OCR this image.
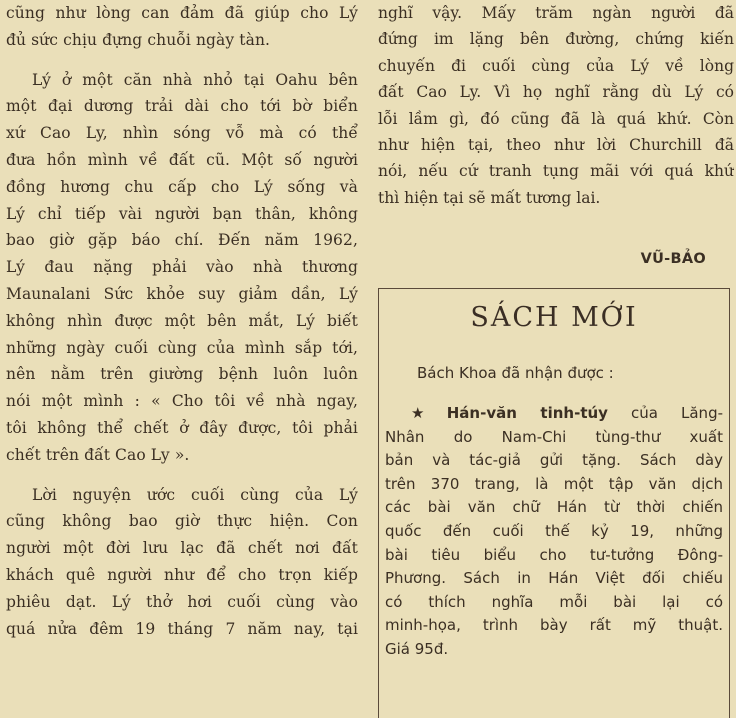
cũng như lòng can đảm đã giúp cho Lý
đủ sức chịu đựng chuỗi ngày tàn.

Lý ở một căn nhà nhỏ tại Oahu bên
một đại dương trải dài cho tới bờ biển
xứ Cao Ly, nhìn sóng vỗ mà có thể
đưa hồn mình về đất cũ. Một số người
đồng hương chu cấp cho Lý sống và
Lý chỉ tiếp vài người bạn thân, không
bao giờ gặp báo chí. Đến năm 1962,
Lý đau nặng phải vào nhà thương
Maunalani Sức khỏe suy giảm dần, Lý
không nhìn được một bên mắt, Lý biết
những ngày cuối cùng của mình sắp tới,
nên nằm trên giường bệnh luôn luôn
nói một mình : « Cho tôi về nhà ngay,
tôi không thể chết ở đây được, tôi phải
chết trên đất Cao Ly ».

Lời nguyện ước cuối cùng của Lý
cũng không bao giờ thực hiện. Con
người một đời lưu lạc đã chết nơi đất
khách quê người như để cho trọn kiếp
phiêu dạt. Lý thở hơi cuối cùng vào
quá nửa đêm 19 tháng 7 năm nay, tại

nghĩ vậy. Mấy trăm ngàn người đã
đứng im lặng bên đường, chứng kiến
chuyến đi cuối cùng của Lý về lòng
đất Cao Ly. Vì họ nghĩ rằng dù Lý có
lỗi lầm gì, đó cũng đã là quá khứ. Còn
như hiện tại, theo như lời Churchill đã
nói, nếu cứ tranh tụng mãi với quá khứ
thì hiện tại sẽ mất tương lai.
VŨ-BẢO
SÁCH MỚI
Bách Khoa đã nhận được :
★ Hán-văn tinh-túy của Lăng-
Nhân do Nam-Chi tùng-thư xuất
bản và tác-giả gửi tặng. Sách dày
trên 370 trang, là một tập văn dịch
các bài văn chữ Hán từ thời chiến
quốc đến cuối thế kỷ 19, những
bài tiêu biểu cho tư-tưởng Đông-
Phương. Sách in Hán Việt đối chiếu
có thích nghĩa mỗi bài lại có
minh-họa, trình bày rất mỹ thuật.
Giá 95đ.
